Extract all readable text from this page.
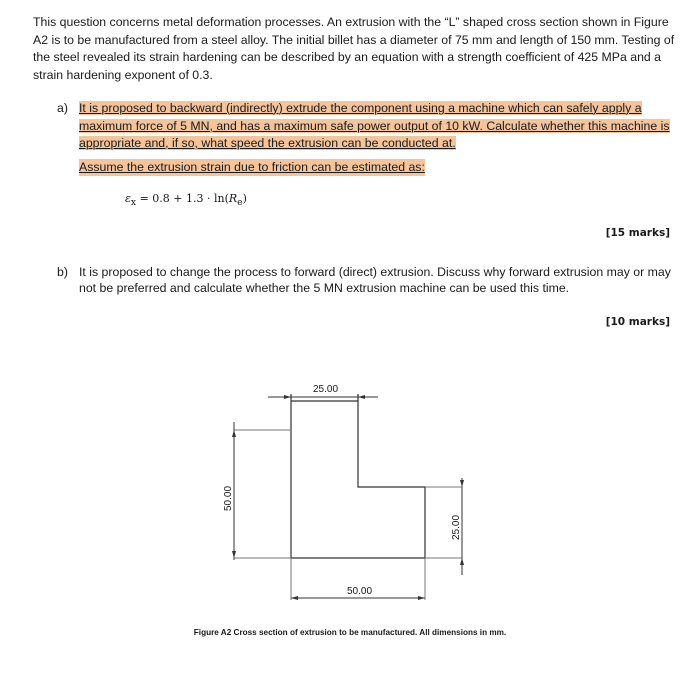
This question concerns metal deformation processes. An extrusion with the “L” shaped cross section shown in Figure A2 is to be manufactured from a steel alloy. The initial billet has a diameter of 75 mm and length of 150 mm. Testing of the steel revealed its strain hardening can be described by an equation with a strength coefficient of 425 MPa and a strain hardening exponent of 0.3.
a) It is proposed to backward (indirectly) extrude the component using a machine which can safely apply a maximum force of 5 MN, and has a maximum safe power output of 10 kW. Calculate whether this machine is appropriate and, if so, what speed the extrusion can be conducted at.
Assume the extrusion strain due to friction can be estimated as:
$\varepsilon_x = 0.8 + 1.3 \cdot \ln(R_e)$
[15 marks]
b) It is proposed to change the process to forward (direct) extrusion. Discuss why forward extrusion may or may not be preferred and calculate whether the 5 MN extrusion machine can be used this time.
[10 marks]
25.00
50.00
25.00
50.00
Figure A2 Cross section of extrusion to be manufactured. All dimensions in mm.
